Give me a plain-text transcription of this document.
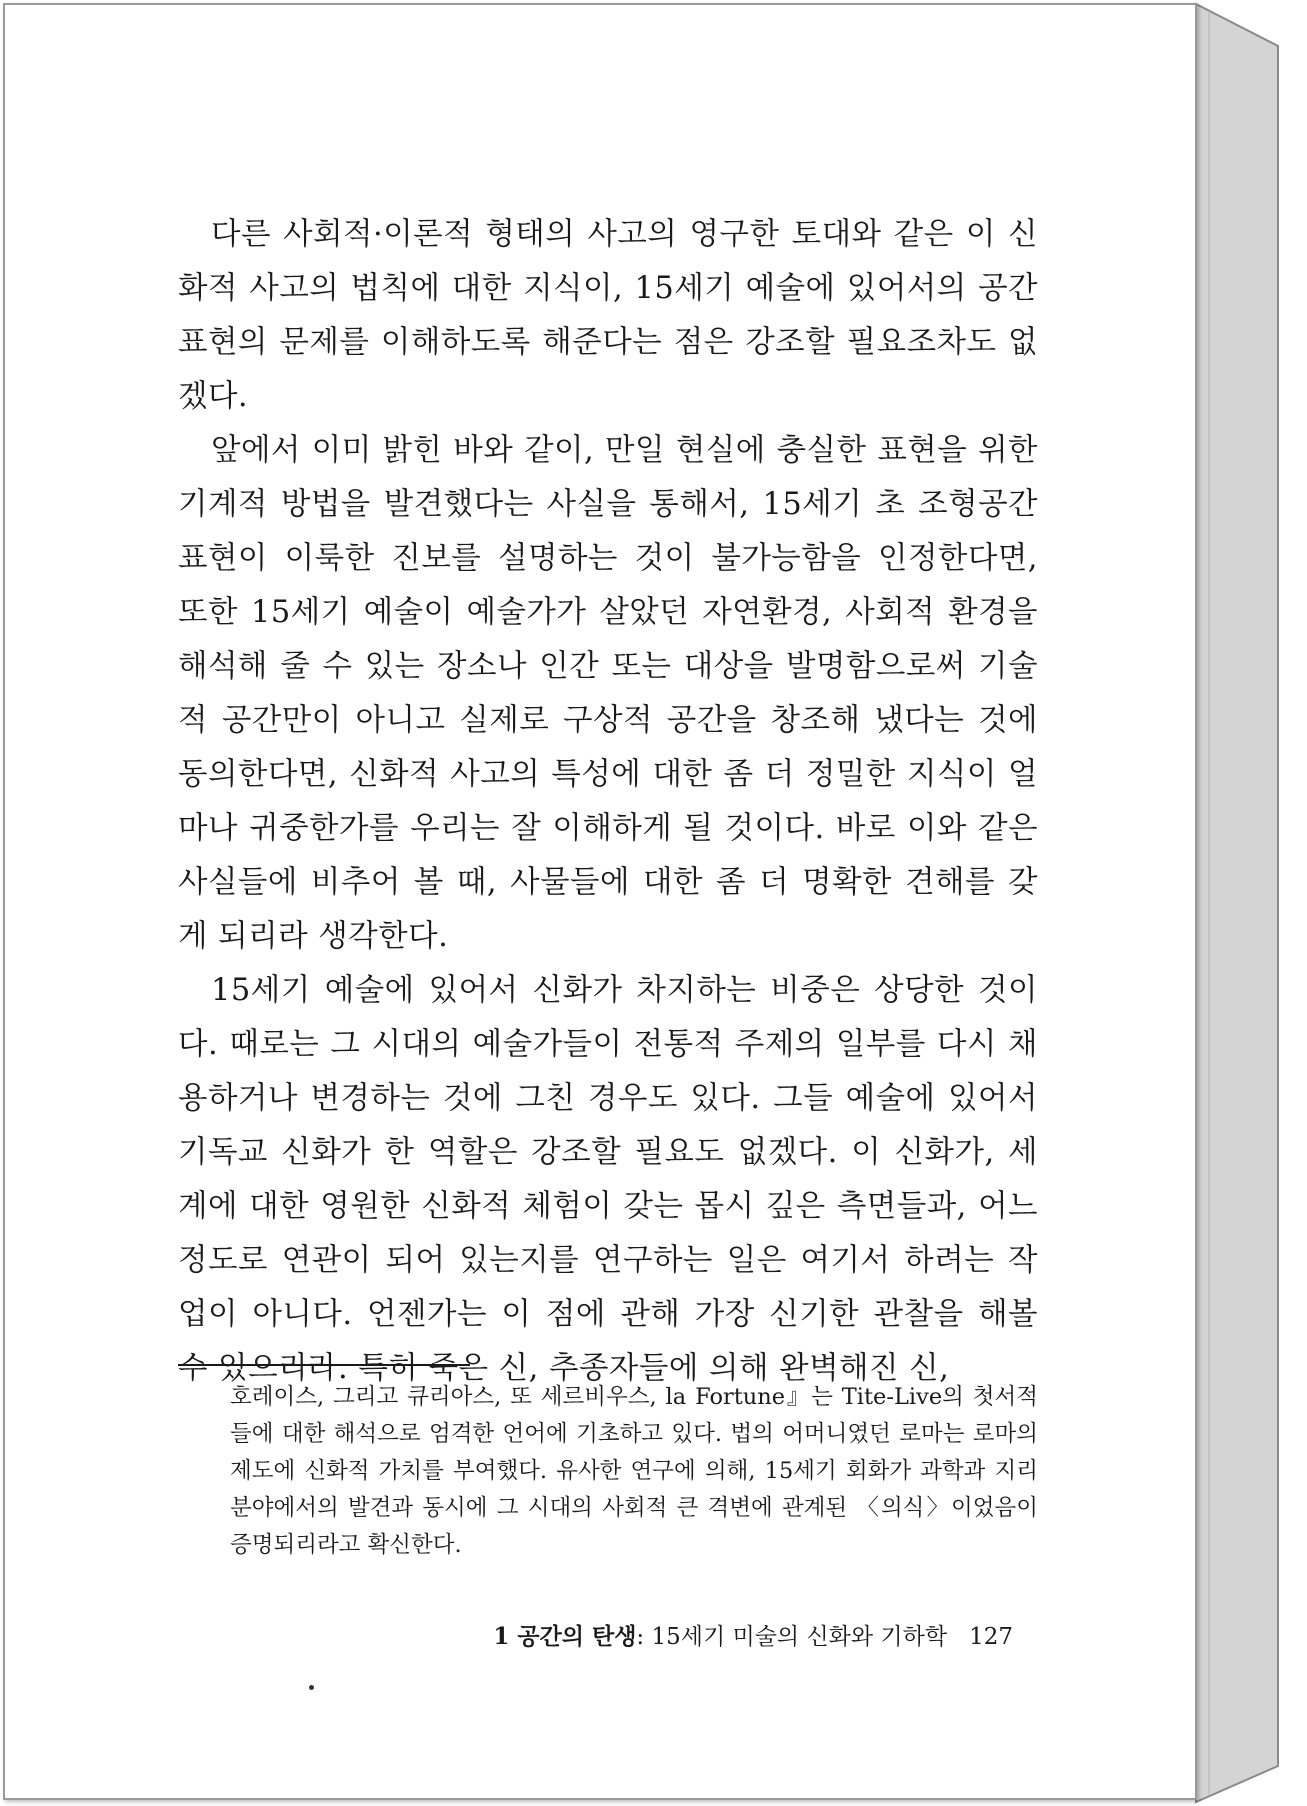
다른 사회적·이론적 형태의 사고의 영구한 토대와 같은 이 신화적 사고의 법칙에 대한 지식이, 15세기 예술에 있어서의 공간 표현의 문제를 이해하도록 해준다는 점은 강조할 필요조차도 없겠다.

앞에서 이미 밝힌 바와 같이, 만일 현실에 충실한 표현을 위한 기계적 방법을 발견했다는 사실을 통해서, 15세기 초 조형공간 표현이 이룩한 진보를 설명하는 것이 불가능함을 인정한다면, 또한 15세기 예술이 예술가가 살았던 자연환경, 사회적 환경을 해석해 줄 수 있는 장소나 인간 또는 대상을 발명함으로써 기술적 공간만이 아니고 실제로 구상적 공간을 창조해 냈다는 것에 동의한다면, 신화적 사고의 특성에 대한 좀 더 정밀한 지식이 얼마나 귀중한가를 우리는 잘 이해하게 될 것이다. 바로 이와 같은 사실들에 비추어 볼 때, 사물들에 대한 좀 더 명확한 견해를 갖게 되리라 생각한다.

15세기 예술에 있어서 신화가 차지하는 비중은 상당한 것이다. 때로는 그 시대의 예술가들이 전통적 주제의 일부를 다시 채용하거나 변경하는 것에 그친 경우도 있다. 그들 예술에 있어서 기독교 신화가 한 역할은 강조할 필요도 없겠다. 이 신화가, 세계에 대한 영원한 신화적 체험이 갖는 몹시 깊은 측면들과, 어느 정도로 연관이 되어 있는지를 연구하는 일은 여기서 하려는 작업이 아니다. 언젠가는 이 점에 관해 가장 신기한 관찰을 해볼 수 있으리라. 특히 죽은 신, 추종자들에 의해 완벽해진 신,

호레이스, 그리고 큐리아스, 또 세르비우스, la Fortune』는 Tite-Live의 첫서적들에 대한 해석으로 엄격한 언어에 기초하고 있다. 법의 어머니였던 로마는 로마의 제도에 신화적 가치를 부여했다. 유사한 연구에 의해, 15세기 회화가 과학과 지리 분야에서의 발견과 동시에 그 시대의 사회적 큰 격변에 관계된 〈의식〉이었음이 증명되리라고 확신한다.

1 공간의 탄생: 15세기 미술의 신화와 기하학 127
